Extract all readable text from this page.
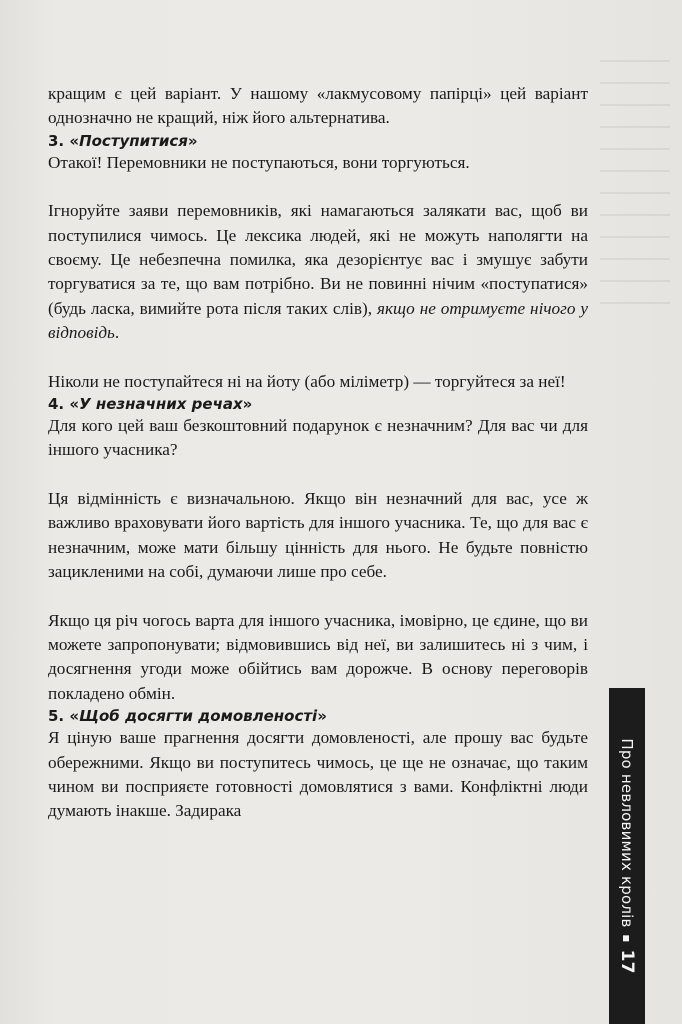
кращим є цей варіант. У нашому «лакмусовому папірці» цей варіант однозначно не кращий, ніж його альтернатива.

3. «Поступитися»

Отакої! Перемовники не поступаються, вони торгуються.

Ігноруйте заяви перемовників, які намагаються залякати вас, щоб ви поступилися чимось. Це лексика людей, які не можуть наполягти на своєму. Це небезпечна помилка, яка дезорієнтує вас і змушує забути торгуватися за те, що вам потрібно. Ви не повинні нічим «поступатися» (будь ласка, вимийте рота після таких слів), якщо не отримуєте нічого у відповідь.

Ніколи не поступайтеся ні на йоту (або міліметр) — торгуйтеся за неї!

4. «У незначних речах»

Для кого цей ваш безкоштовний подарунок є незначним? Для вас чи для іншого учасника?

Ця відмінність є визначальною. Якщо він незначний для вас, усе ж важливо враховувати його вартість для іншого учасника. Те, що для вас є незначним, може мати більшу цінність для нього. Не будьте повністю зацикленими на собі, думаючи лише про себе.

Якщо ця річ чогось варта для іншого учасника, імовірно, це єдине, що ви можете запропонувати; відмовившись від неї, ви залишитесь ні з чим, і досягнення угоди може обійтись вам дорожче. В основу переговорів покладено обмін.

5. «Щоб досягти домовленості»

Я ціную ваше прагнення досягти домовленості, але прошу вас будьте обережними. Якщо ви поступитесь чимось, це ще не означає, що таким чином ви посприяєте готовності домовлятися з вами. Конфліктні люди думають інакше. Задирака	Про невловимих кролів17
